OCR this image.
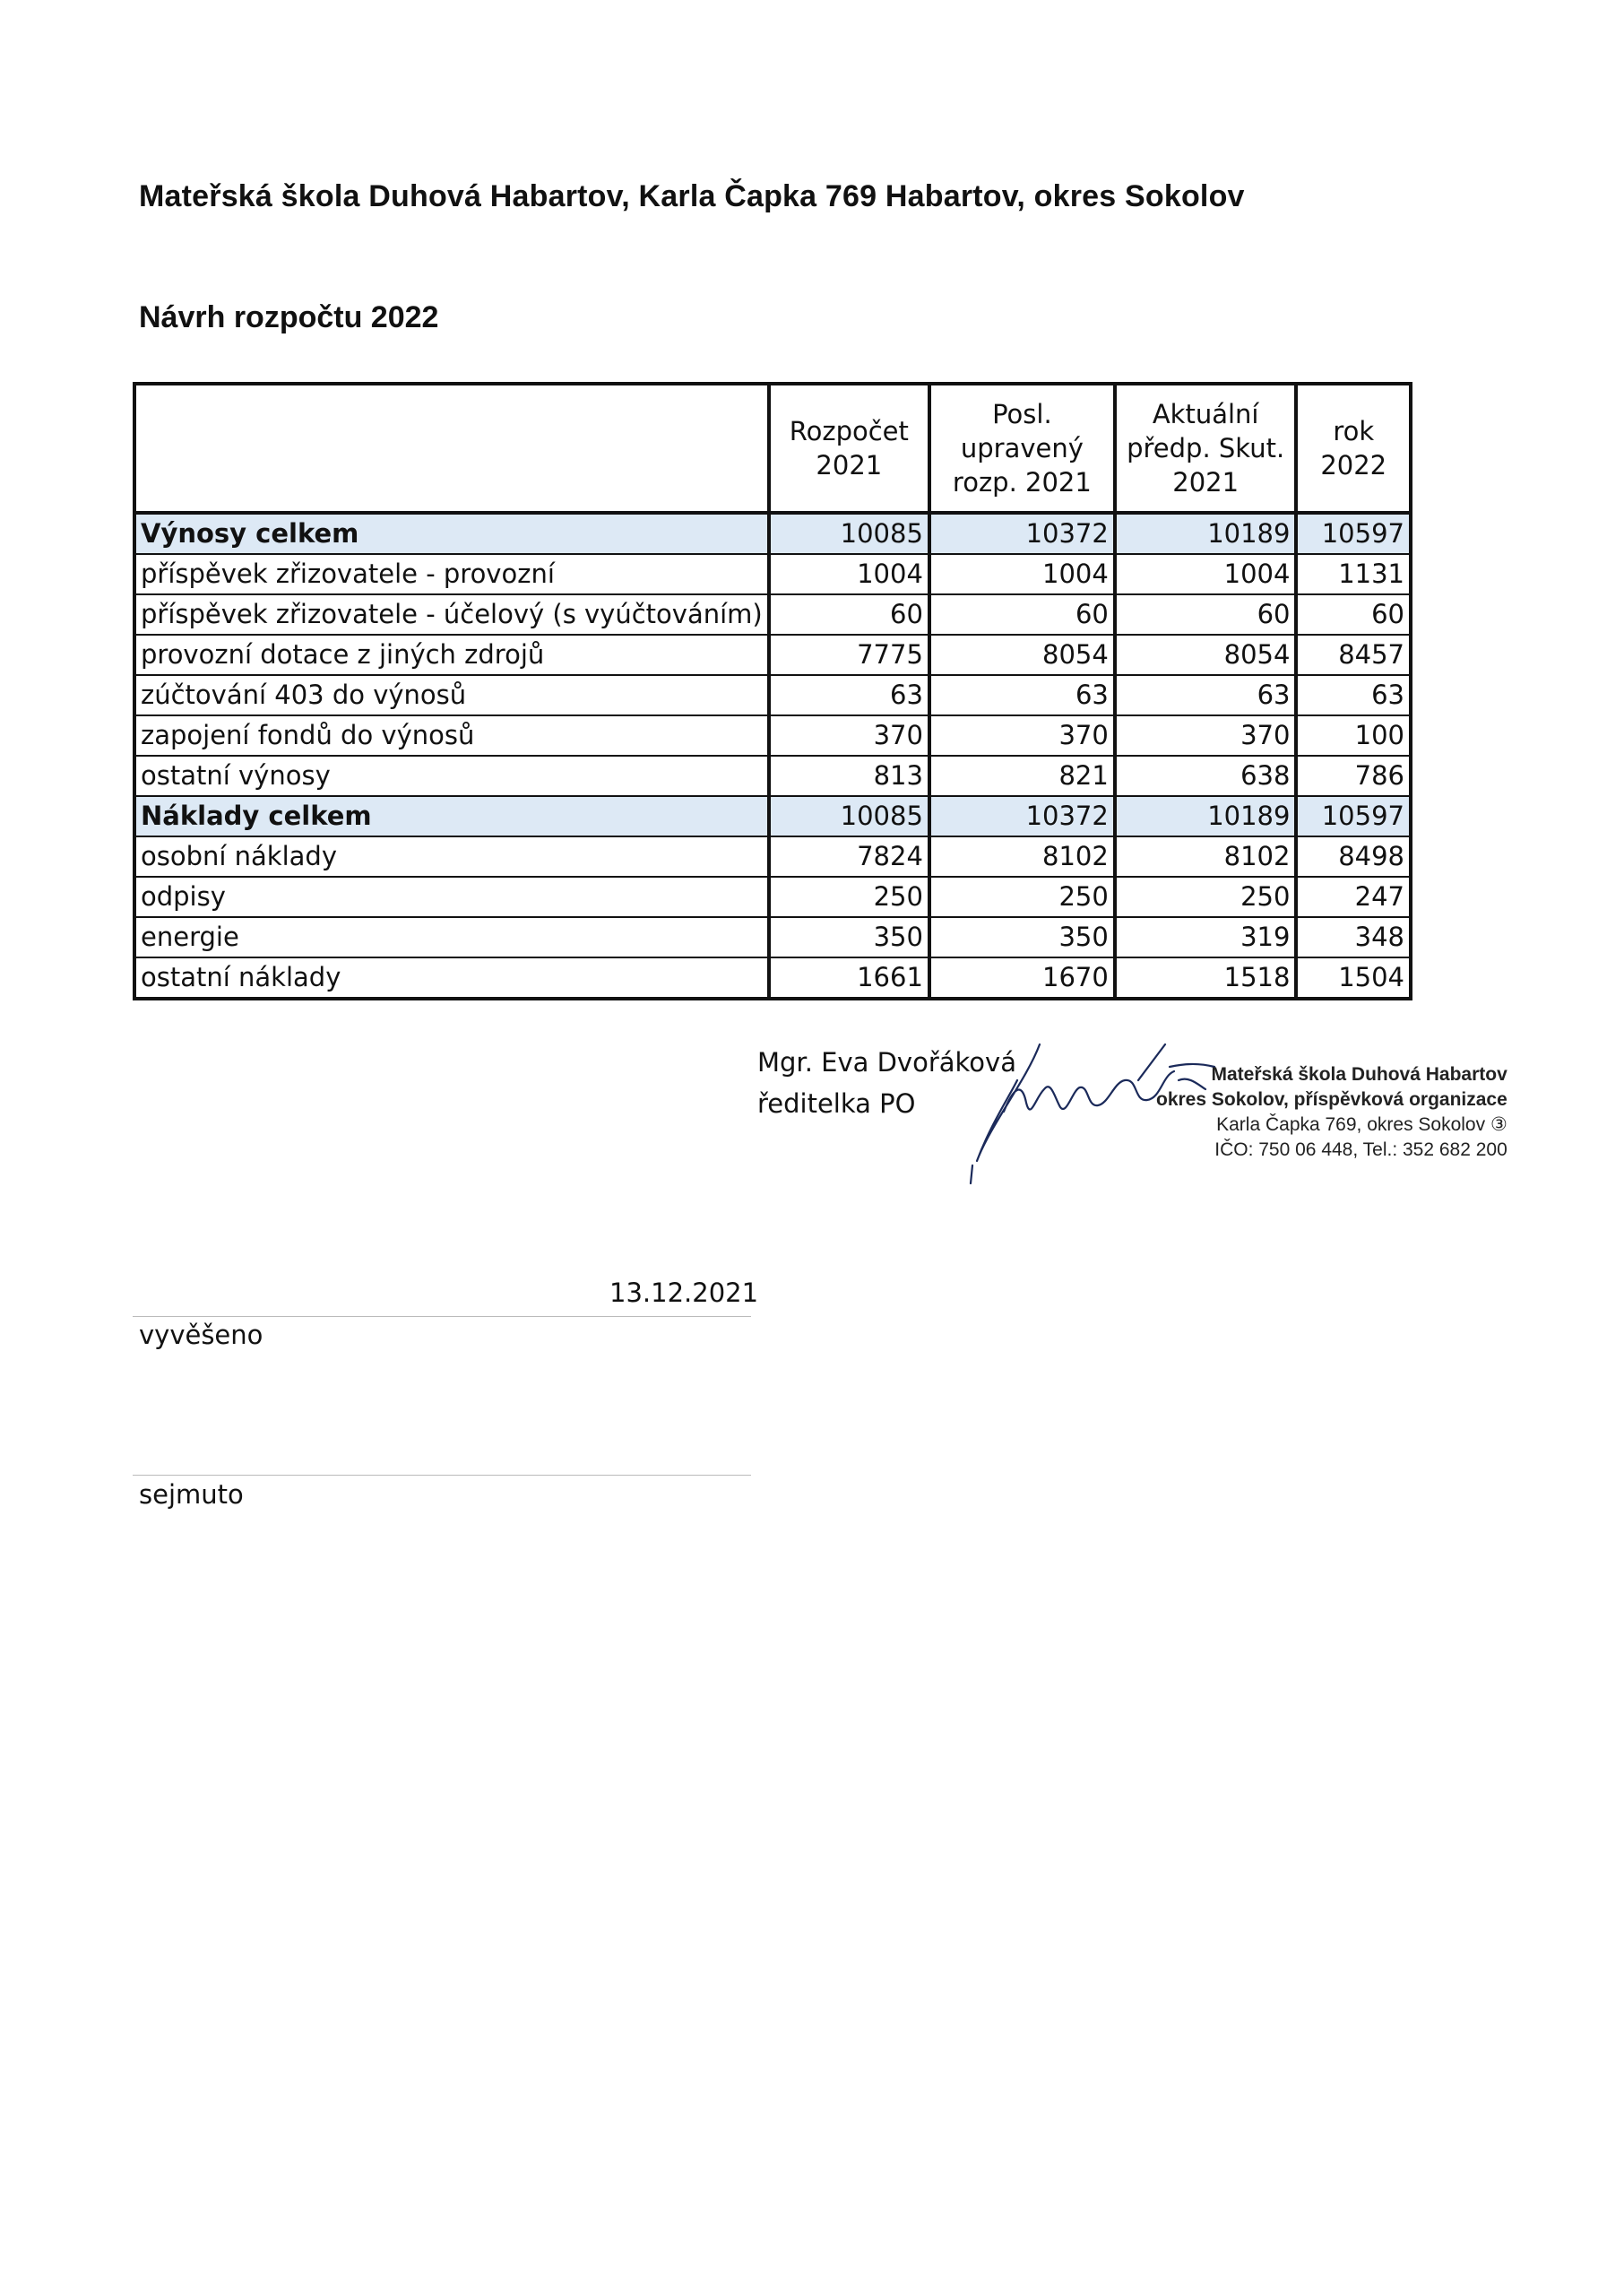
Mateřská škola Duhová Habartov, Karla Čapka 769 Habartov, okres Sokolov
Návrh rozpočtu 2022
	Rozpočet 2021	Posl. upravený rozp. 2021	Aktuální předp. Skut. 2021	rok 2022
Výnosy celkem	10085	10372	10189	10597
příspěvek zřizovatele - provozní	1004	1004	1004	1131
příspěvek zřizovatele - účelový (s vyúčtováním)	60	60	60	60
provozní dotace z jiných zdrojů	7775	8054	8054	8457
zúčtování 403 do výnosů	63	63	63	63
zapojení fondů do výnosů	370	370	370	100
ostatní výnosy	813	821	638	786
Náklady celkem	10085	10372	10189	10597
osobní náklady	7824	8102	8102	8498
odpisy	250	250	250	247
energie	350	350	319	348
ostatní náklady	1661	1670	1518	1504
Mgr. Eva Dvořáková
ředitelka PO
Mateřská škola Duhová Habartov
okres Sokolov, příspěvková organizace
Karla Čapka 769, okres Sokolov ③
IČO: 750 06 448, Tel.: 352 682 200
13.12.2021
vyvěšeno
sejmuto
